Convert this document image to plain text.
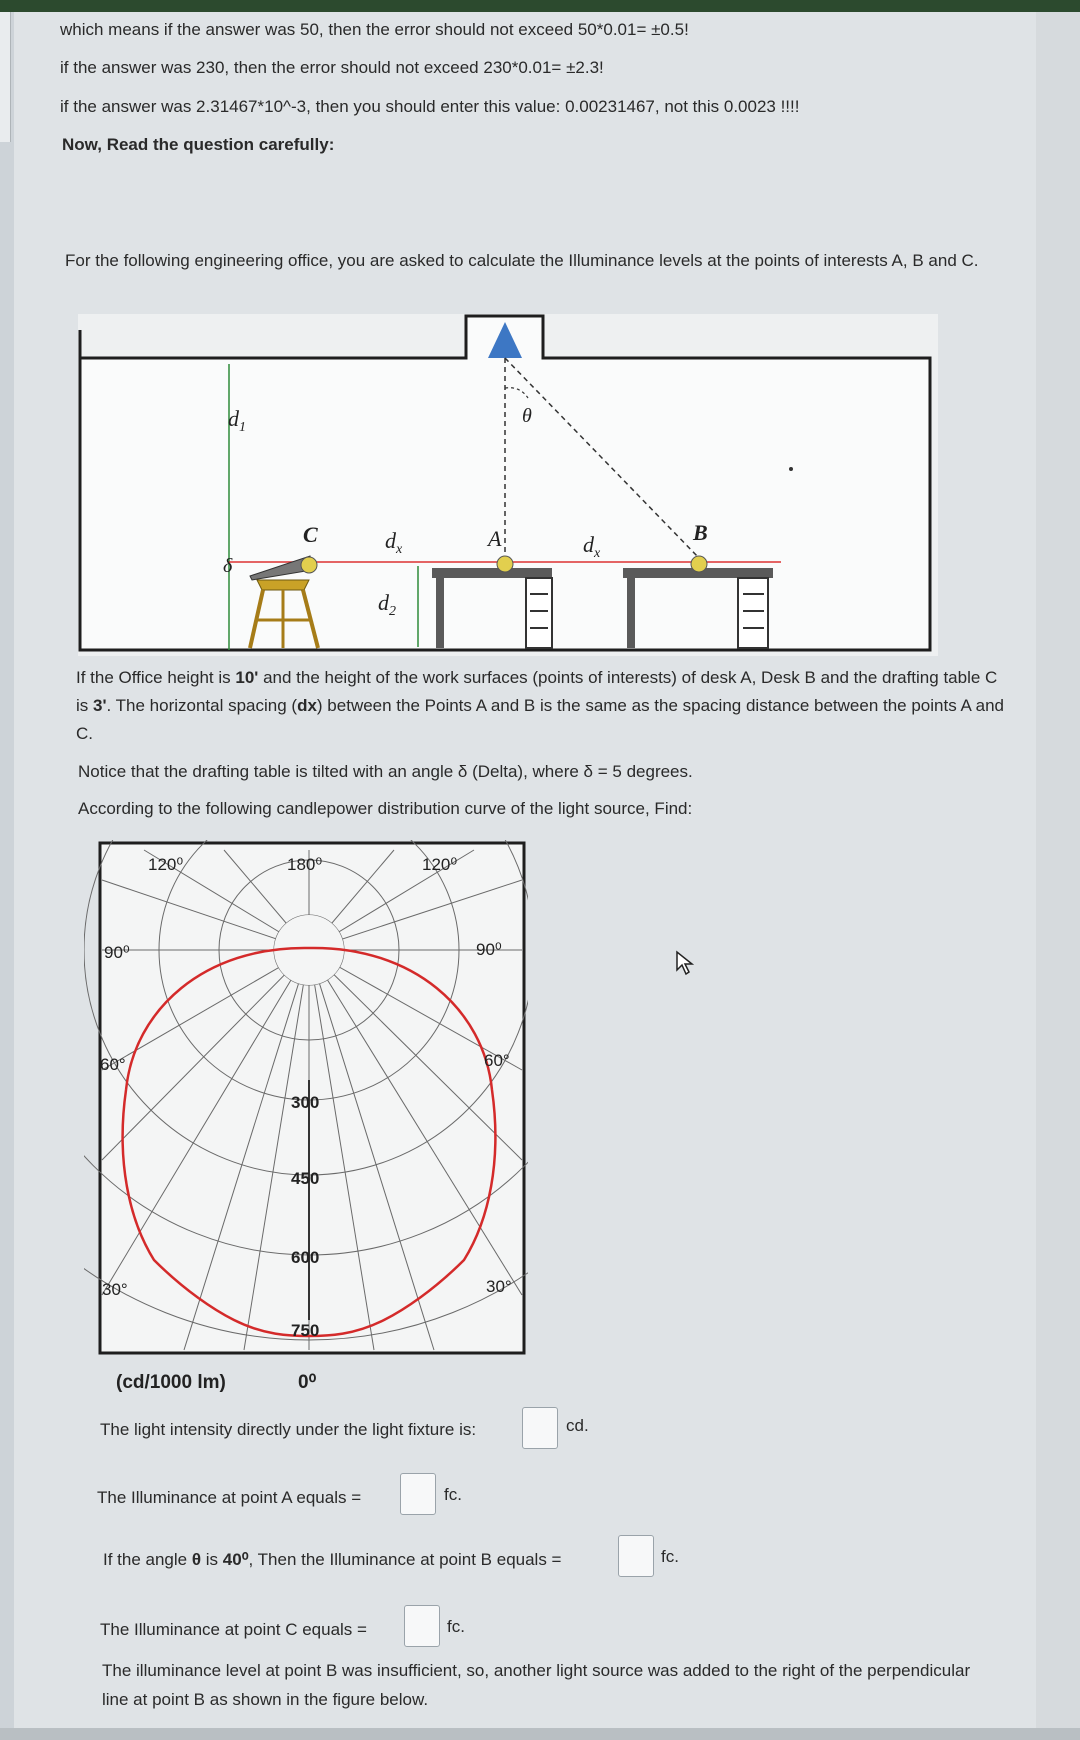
which means if the answer was 50, then the error should not exceed 50*0.01= ±0.5!
if the answer was 230, then the error should not exceed 230*0.01= ±2.3!
if the answer was 2.31467*10^-3, then you should enter this value: 0.00231467, not this 0.0023 !!!!
Now, Read the question carefully:
For the following engineering office, you are asked to calculate the Illuminance levels at the points of interests A, B and C.
$d_1$
δ
C	$d_x$
$d_2$
A
θ
$d_x$
B
If the Office height is 10' and the height of the work surfaces (points of interests) of desk A, Desk B and the drafting table C is 3'. The horizontal spacing (dx) between the Points A and B is the same as the spacing distance between the points A and C.
Notice that the drafting table is tilted with an angle δ (Delta), where δ = 5 degrees.
According to the following candlepower distribution curve of the light source, Find:
120⁰	180⁰	120⁰
90⁰	90⁰
60°	60°
30°	30°
300
450
600
750
(cd/1000 lm)	0⁰
The light intensity directly under the light fixture is:	cd.
The Illuminance at point A equals =	fc.
If the angle θ is 40⁰, Then the Illuminance at point B equals =	fc.
The Illuminance at point C equals =	fc.
The illuminance level at point B was insufficient, so, another light source was added to the right of the perpendicular line at point B as shown in the figure below.
